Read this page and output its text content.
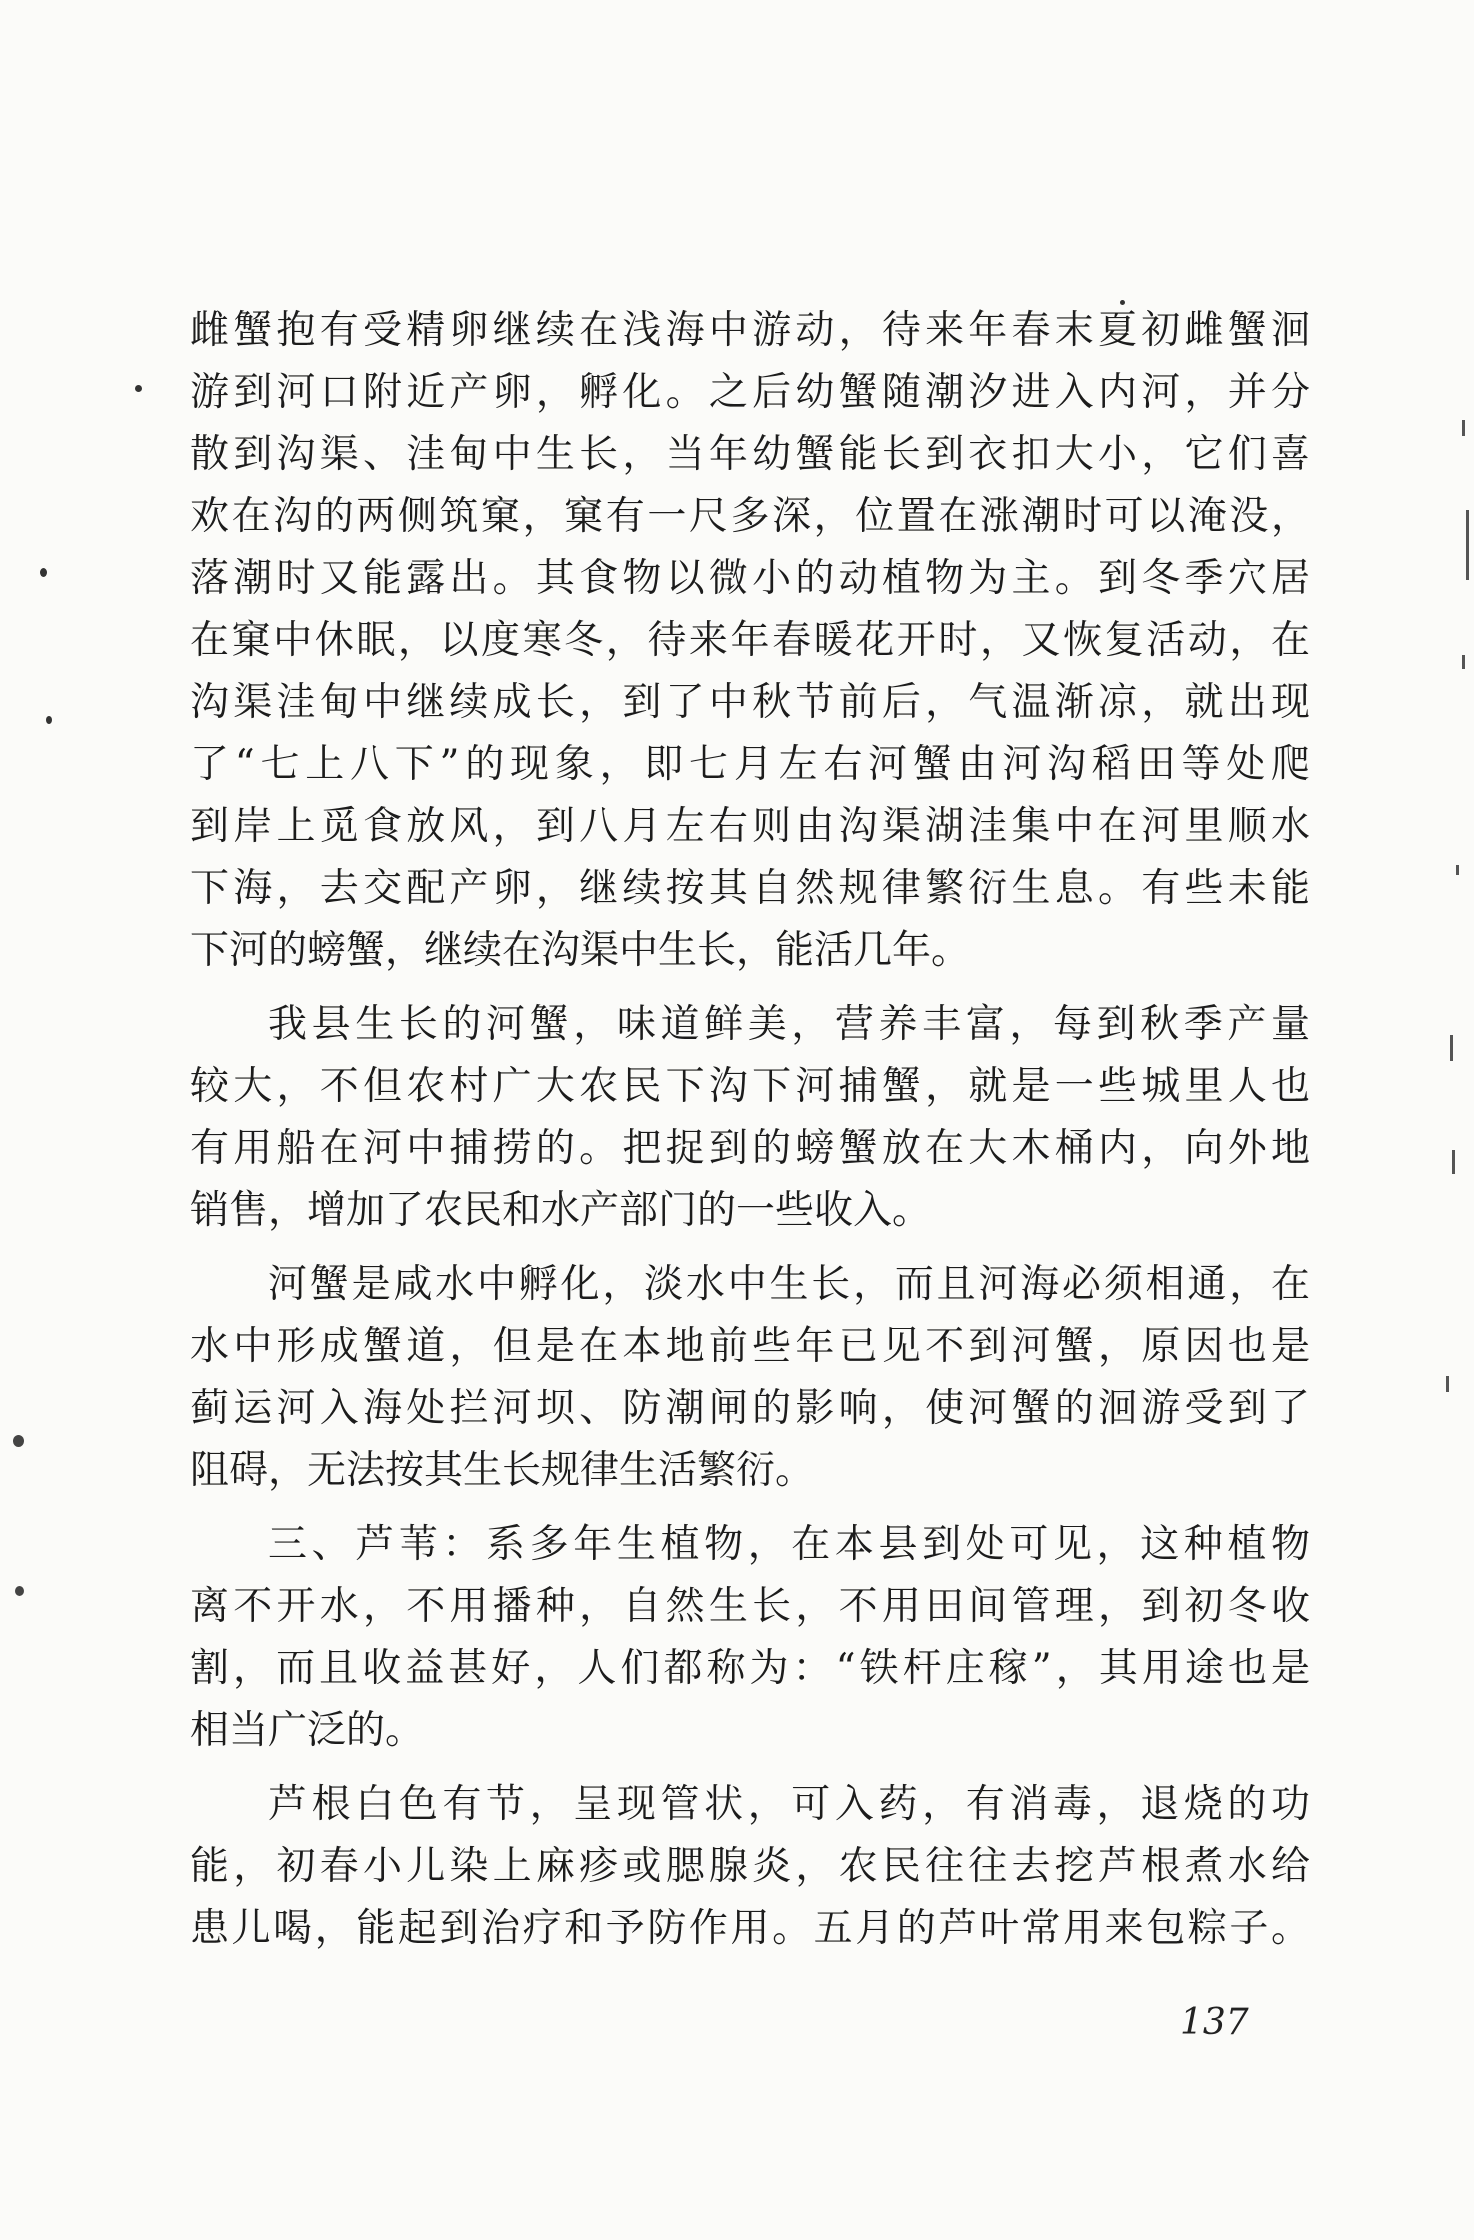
雌蟹抱有受精卵继续在浅海中游动，待来年春末夏初雌蟹洄
游到河口附近产卵，孵化。之后幼蟹随潮汐进入内河，并分
散到沟渠、洼甸中生长，当年幼蟹能长到衣扣大小，它们喜
欢在沟的两侧筑窠，窠有一尺多深，位置在涨潮时可以淹没，
落潮时又能露出。其食物以微小的动植物为主。到冬季穴居
在窠中休眠，以度寒冬，待来年春暖花开时，又恢复活动，在
沟渠洼甸中继续成长，到了中秋节前后，气温渐凉，就出现
了“七上八下”的现象，即七月左右河蟹由河沟稻田等处爬
到岸上觅食放风，到八月左右则由沟渠湖洼集中在河里顺水
下海，去交配产卵，继续按其自然规律繁衍生息。有些未能
下河的螃蟹，继续在沟渠中生长，能活几年。
我县生长的河蟹，味道鲜美，营养丰富，每到秋季产量
较大，不但农村广大农民下沟下河捕蟹，就是一些城里人也
有用船在河中捕捞的。把捉到的螃蟹放在大木桶内，向外地
销售，增加了农民和水产部门的一些收入。
河蟹是咸水中孵化，淡水中生长，而且河海必须相通，在
水中形成蟹道，但是在本地前些年已见不到河蟹，原因也是
蓟运河入海处拦河坝、防潮闸的影响，使河蟹的洄游受到了
阻碍，无法按其生长规律生活繁衍。
三、芦苇：系多年生植物，在本县到处可见，这种植物
离不开水，不用播种，自然生长，不用田间管理，到初冬收
割，而且收益甚好，人们都称为：“铁杆庄稼”，其用途也是
相当广泛的。
芦根白色有节，呈现管状，可入药，有消毒，退烧的功
能，初春小儿染上麻疹或腮腺炎，农民往往去挖芦根煮水给
患儿喝，能起到治疗和予防作用。五月的芦叶常用来包粽子。
137
